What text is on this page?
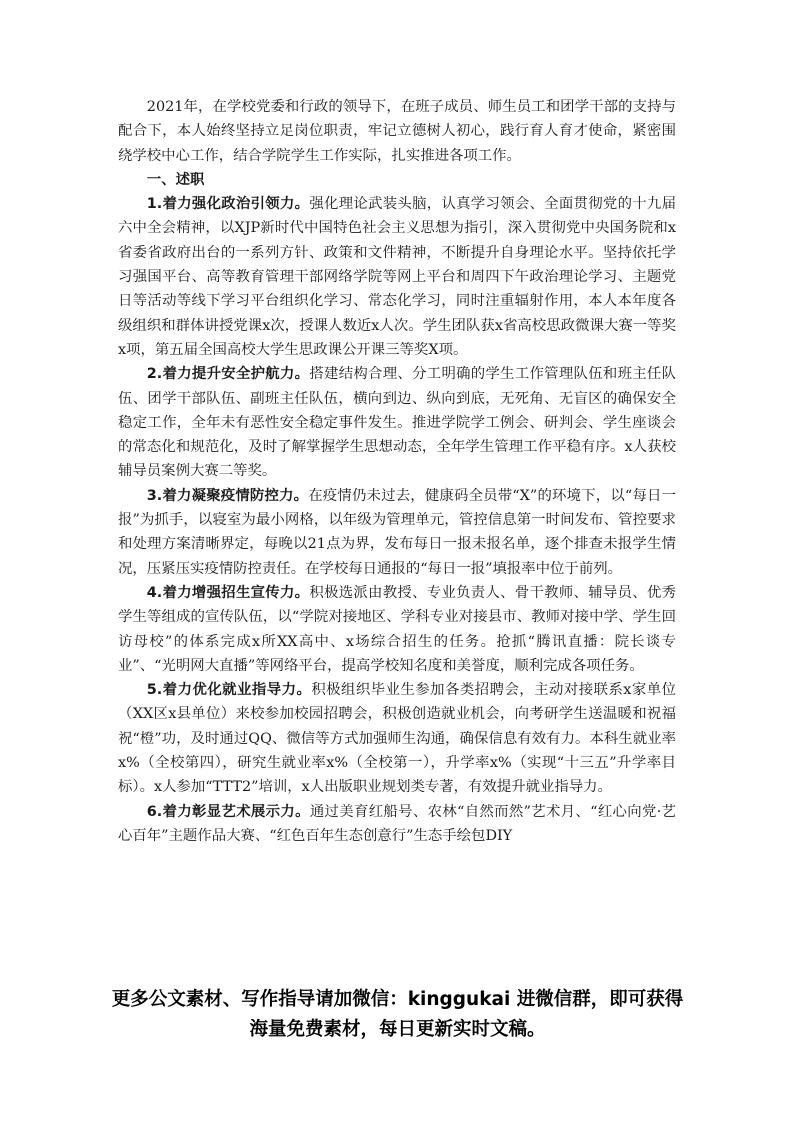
2021年，在学校党委和行政的领导下，在班子成员、师生员工和团学干部的支持与配合下，本人始终坚持立足岗位职责，牢记立德树人初心，践行育人育才使命，紧密围绕学校中心工作，结合学院学生工作实际，扎实推进各项工作。

一、述职

1.着力强化政治引领力。强化理论武装头脑，认真学习领会、全面贯彻党的十九届六中全会精神，以XJP新时代中国特色社会主义思想为指引，深入贯彻党中央国务院和x省委省政府出台的一系列方针、政策和文件精神，不断提升自身理论水平。坚持依托学习强国平台、高等教育管理干部网络学院等网上平台和周四下午政治理论学习、主题党日等活动等线下学习平台组织化学习、常态化学习，同时注重辐射作用，本人本年度各级组织和群体讲授党课x次，授课人数近x人次。学生团队获x省高校思政微课大赛一等奖x项，第五届全国高校大学生思政课公开课三等奖X项。

2.着力提升安全护航力。搭建结构合理、分工明确的学生工作管理队伍和班主任队伍、团学干部队伍、副班主任队伍，横向到边、纵向到底，无死角、无盲区的确保安全稳定工作，全年未有恶性安全稳定事件发生。推进学院学工例会、研判会、学生座谈会的常态化和规范化，及时了解掌握学生思想动态，全年学生管理工作平稳有序。x人获校辅导员案例大赛二等奖。

3.着力凝聚疫情防控力。在疫情仍未过去，健康码全员带“X”的环境下，以“每日一报”为抓手，以寝室为最小网格，以年级为管理单元，管控信息第一时间发布、管控要求和处理方案清晰界定，每晚以21点为界，发布每日一报未报名单，逐个排查未报学生情况，压紧压实疫情防控责任。在学校每日通报的“每日一报”填报率中位于前列。

4.着力增强招生宣传力。积极选派由教授、专业负责人、骨干教师、辅导员、优秀学生等组成的宣传队伍，以“学院对接地区、学科专业对接县市、教师对接中学、学生回访母校”的体系完成x所XX高中、x场综合招生的任务。抢抓“腾讯直播：院长谈专业”、“光明网大直播”等网络平台，提高学校知名度和美誉度，顺利完成各项任务。

5.着力优化就业指导力。积极组织毕业生参加各类招聘会，主动对接联系x家单位（XX区x县单位）来校参加校园招聘会，积极创造就业机会，向考研学生送温暖和祝福祝“橙”功，及时通过QQ、微信等方式加强师生沟通，确保信息有效有力。本科生就业率x%（全校第四），研究生就业率x%（全校第一），升学率x%（实现“十三五”升学率目标）。x人参加“TTT2”培训，x人出版职业规划类专著，有效提升就业指导力。

6.着力彰显艺术展示力。通过美育红船号、农林“自然而然”艺术月、“红心向党·艺心百年”主题作品大赛、“红色百年生态创意行”生态手绘包DIY

更多公文素材、写作指导请加微信：kinggukai 进微信群，即可获得
海量免费素材，每日更新实时文稿。
